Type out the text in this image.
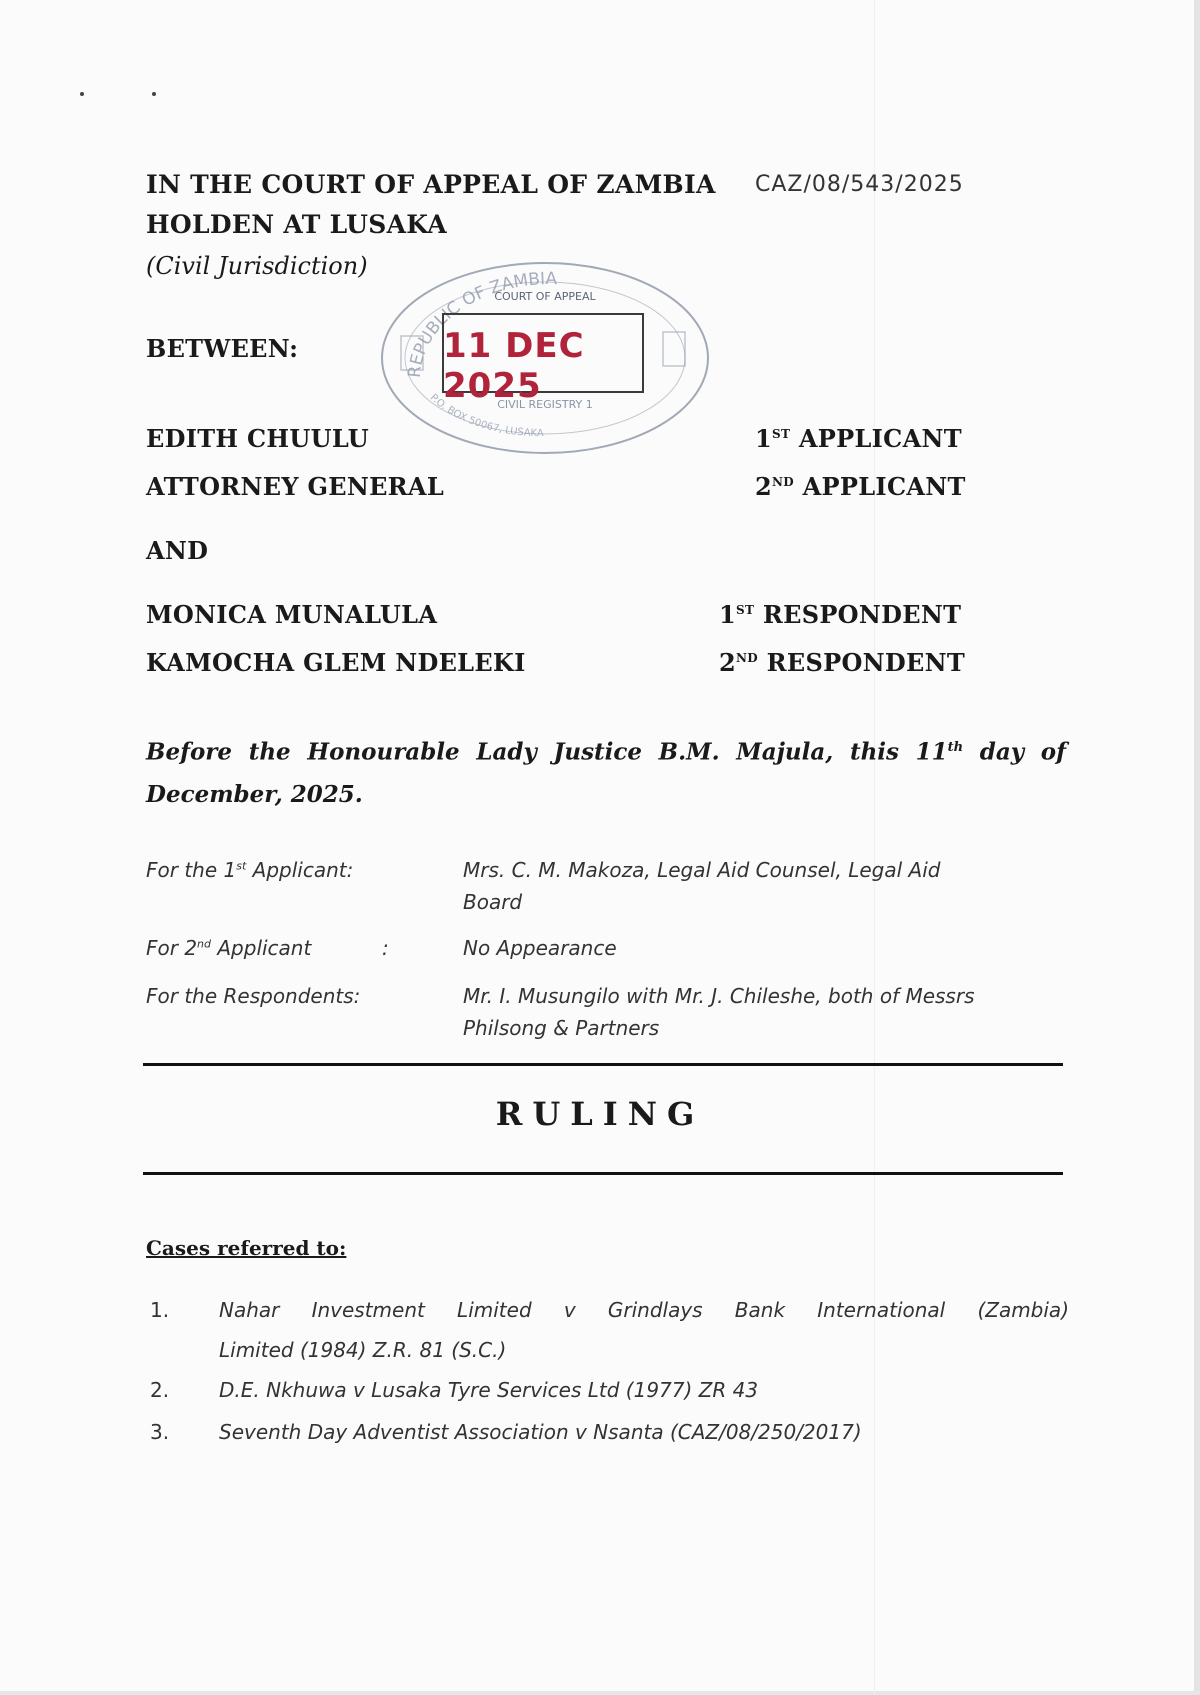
IN THE COURT OF APPEAL OF ZAMBIA CAZ/08/543/2025
HOLDEN AT LUSAKA
(Civil Jurisdiction)
REPUBLIC OF ZAMBIA
COURT OF APPEAL
CIVIL REGISTRY 1
P.O. BOX 50067, LUSAKA
11 DEC 2025
BETWEEN:
EDITH CHUULU	1ST APPLICANT
ATTORNEY GENERAL	2ND APPLICANT
AND
MONICA MUNALULA	1ST RESPONDENT
KAMOCHA GLEM NDELEKI	2ND RESPONDENT
Before the Honourable Lady Justice B.M. Majula, this 11th day of
December, 2025.
For the 1st Applicant:	Mrs. C. M. Makoza, Legal Aid Counsel, Legal Aid
Board
For 2nd Applicant	:	No Appearance
For the Respondents:	Mr. I. Musungilo with Mr. J. Chileshe, both of Messrs
Philsong & Partners
RULING
Cases referred to:
1. Nahar Investment Limited v Grindlays Bank International (Zambia)
Limited (1984) Z.R. 81 (S.C.)
2. D.E. Nkhuwa v Lusaka Tyre Services Ltd (1977) ZR 43
3. Seventh Day Adventist Association v Nsanta (CAZ/08/250/2017)
